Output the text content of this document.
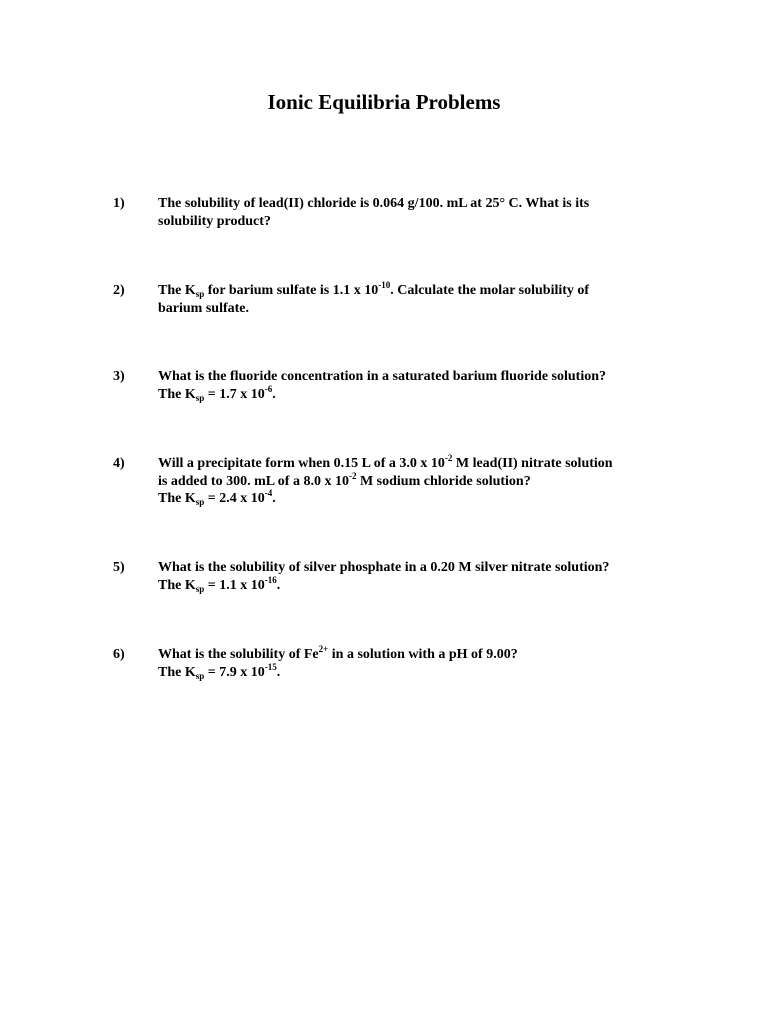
Ionic Equilibria Problems
1) The solubility of lead(II) chloride is 0.064 g/100. mL at 25° C. What is its
solubility product?
2) The $K_{sp}$ for barium sulfate is 1.1 x $10^{-10}$. Calculate the molar solubility of
barium sulfate.
3) What is the fluoride concentration in a saturated barium fluoride solution?
The $K_{sp} = 1.7$ x $10^{-6}$.
4) Will a precipitate form when 0.15 L of a 3.0 x $10^{-2}$ M lead(II) nitrate solution
is added to 300. mL of a 8.0 x $10^{-2}$ M sodium chloride solution?
The $K_{sp} = 2.4$ x $10^{-4}$.
5) What is the solubility of silver phosphate in a 0.20 M silver nitrate solution?
The $K_{sp} = 1.1$ x $10^{-16}$.
6) What is the solubility of $Fe^{2+}$ in a solution with a pH of 9.00?
The $K_{sp} = 7.9$ x $10^{-15}$.
